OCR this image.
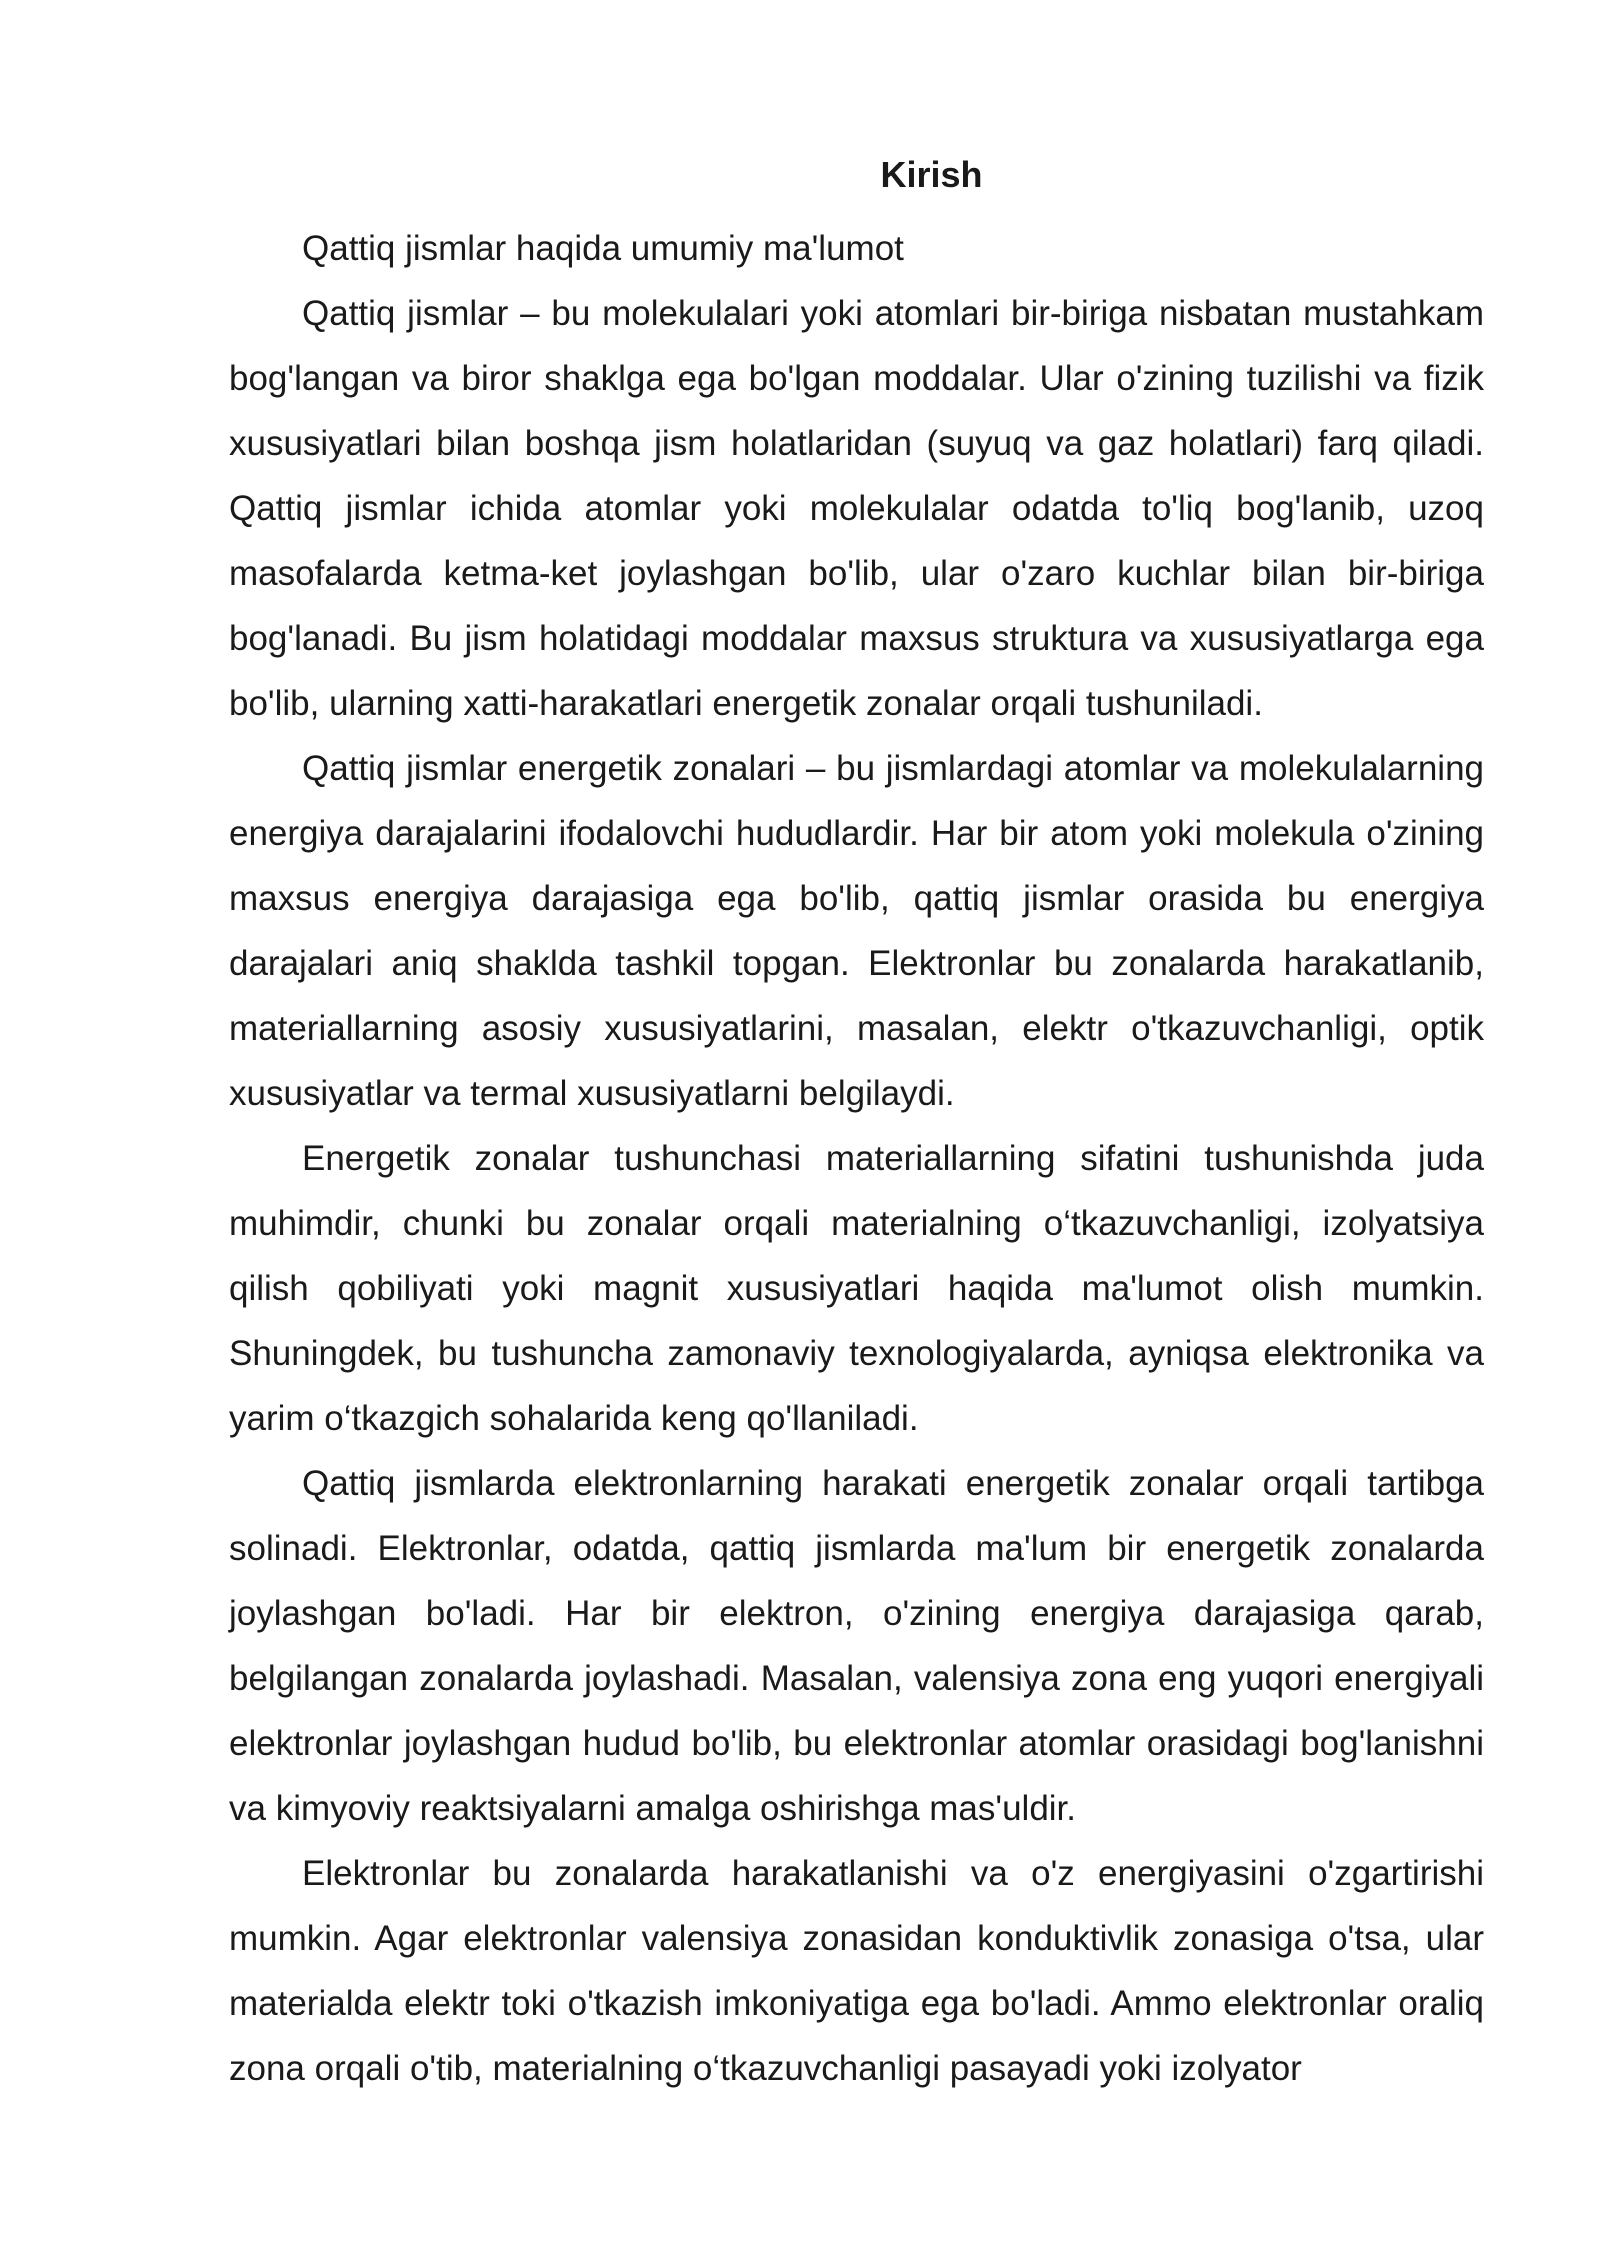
Kirish

Qattiq jismlar haqida umumiy ma'lumot

Qattiq jismlar – bu molekulalari yoki atomlari bir-biriga nisbatan mustahkam bog'langan va biror shaklga ega bo'lgan moddalar. Ular o'zining tuzilishi va fizik xususiyatlari bilan boshqa jism holatlaridan (suyuq va gaz holatlari) farq qiladi. Qattiq jismlar ichida atomlar yoki molekulalar odatda to'liq bog'lanib, uzoq masofalarda ketma-ket joylashgan bo'lib, ular o'zaro kuchlar bilan bir-biriga bog'lanadi. Bu jism holatidagi moddalar maxsus struktura va xususiyatlarga ega bo'lib, ularning xatti-harakatlari energetik zonalar orqali tushuniladi.

Qattiq jismlar energetik zonalari – bu jismlardagi atomlar va molekulalarning energiya darajalarini ifodalovchi hududlardir. Har bir atom yoki molekula o'zining maxsus energiya darajasiga ega bo'lib, qattiq jismlar orasida bu energiya darajalari aniq shaklda tashkil topgan. Elektronlar bu zonalarda harakatlanib, materiallarning asosiy xususiyatlarini, masalan, elektr o'tkazuvchanligi, optik xususiyatlar va termal xususiyatlarni belgilaydi.

Energetik zonalar tushunchasi materiallarning sifatini tushunishda juda muhimdir, chunki bu zonalar orqali materialning o‘tkazuvchanligi, izolyatsiya qilish qobiliyati yoki magnit xususiyatlari haqida ma'lumot olish mumkin. Shuningdek, bu tushuncha zamonaviy texnologiyalarda, ayniqsa elektronika va yarim o‘tkazgich sohalarida keng qo'llaniladi.

Qattiq jismlarda elektronlarning harakati energetik zonalar orqali tartibga solinadi. Elektronlar, odatda, qattiq jismlarda ma'lum bir energetik zonalarda joylashgan bo'ladi. Har bir elektron, o'zining energiya darajasiga qarab, belgilangan zonalarda joylashadi. Masalan, valensiya zona eng yuqori energiyali elektronlar joylashgan hudud bo'lib, bu elektronlar atomlar orasidagi bog'lanishni va kimyoviy reaktsiyalarni amalga oshirishga mas'uldir.

Elektronlar bu zonalarda harakatlanishi va o'z energiyasini o'zgartirishi mumkin. Agar elektronlar valensiya zonasidan konduktivlik zonasiga o'tsa, ular materialda elektr toki o'tkazish imkoniyatiga ega bo'ladi. Ammo elektronlar oraliq zona orqali o'tib, materialning o‘tkazuvchanligi pasayadi yoki izolyator
